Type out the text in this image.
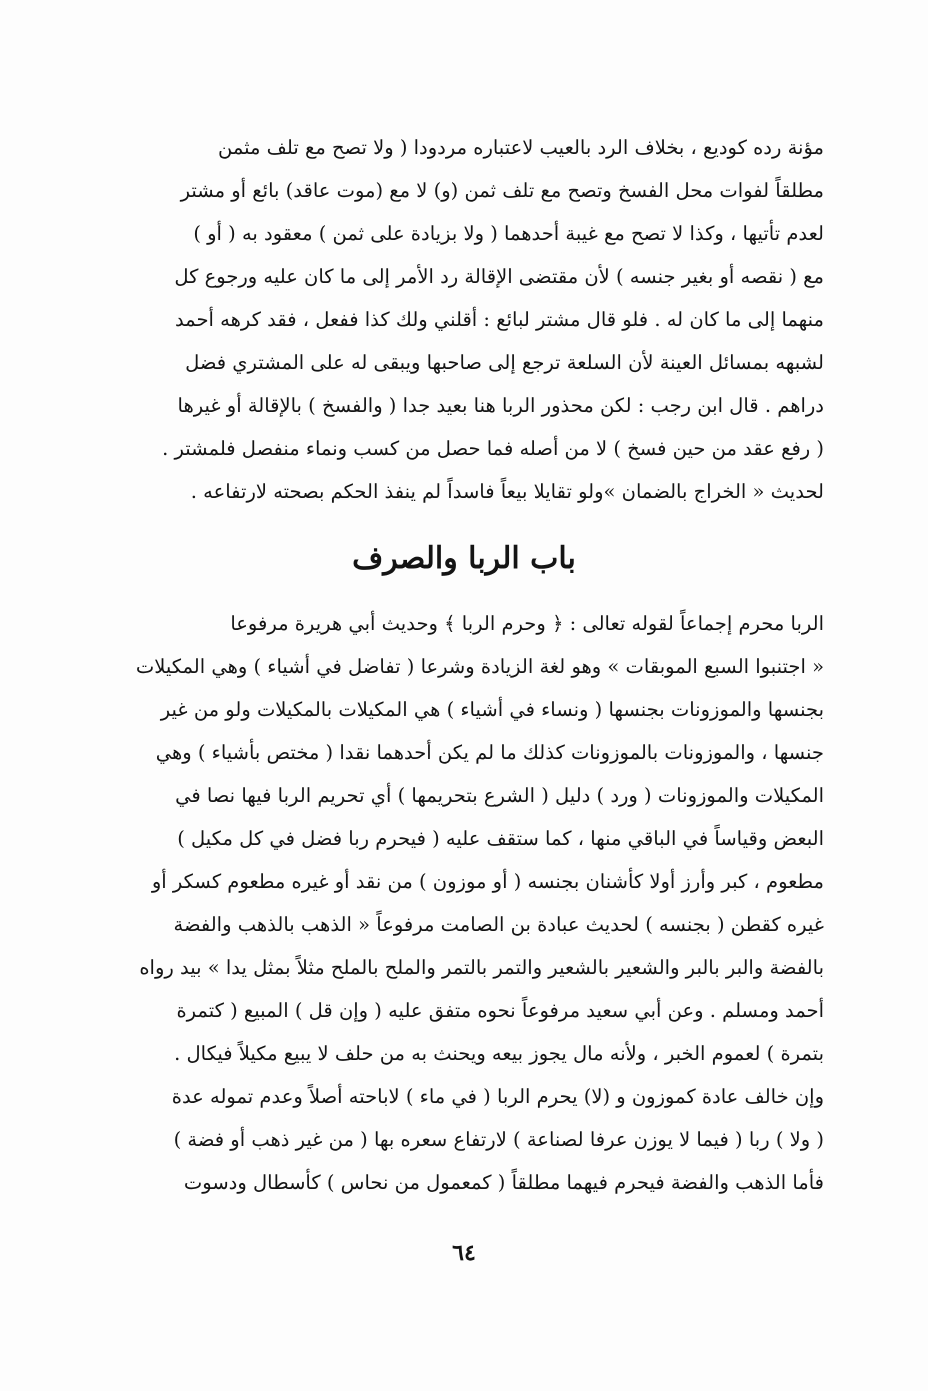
مؤنة رده كوديع ، بخلاف الرد بالعيب لاعتباره مردودا ( ولا تصح مع تلف مثمن
مطلقاً لفوات محل الفسخ وتصح مع تلف ثمن (و) لا مع (موت عاقد) بائع أو مشتر
لعدم تأتيها ، وكذا لا تصح مع غيبة أحدهما ( ولا بزيادة على ثمن ) معقود به ( أو )
مع ( نقصه أو بغير جنسه ) لأن مقتضى الإقالة رد الأمر إلى ما كان عليه ورجوع كل
منهما إلى ما كان له . فلو قال مشتر لبائع : أقلني ولك كذا ففعل ، فقد كرهه أحمد
لشبهه بمسائل العينة لأن السلعة ترجع إلى صاحبها ويبقى له على المشتري فضل
دراهم . قال ابن رجب : لكن محذور الربا هنا بعيد جدا ( والفسخ ) بالإقالة أو غيرها
( رفع عقد من حين فسخ ) لا من أصله فما حصل من كسب ونماء منفصل فلمشتر .
لحديث « الخراج بالضمان »ولو تقايلا بيعاً فاسداً لم ينفذ الحكم بصحته لارتفاعه .
باب الربا والصرف
الربا محرم إجماعاً لقوله تعالى : ﴿ وحرم الربا ﴾ وحديث أبي هريرة مرفوعا
« اجتنبوا السبع الموبقات » وهو لغة الزيادة وشرعا ( تفاضل في أشياء ) وهي المكيلات
بجنسها والموزونات بجنسها ( ونساء في أشياء ) هي المكيلات بالمكيلات ولو من غير
جنسها ، والموزونات بالموزونات كذلك ما لم يكن أحدهما نقدا ( مختص بأشياء ) وهي
المكيلات والموزونات ( ورد ) دليل ( الشرع بتحريمها ) أي تحريم الربا فيها نصا في
البعض وقياساً في الباقي منها ، كما ستقف عليه ( فيحرم ربا فضل في كل مكيل )
مطعوم ، كبر وأرز أولا كأشنان بجنسه ( أو موزون ) من نقد أو غيره مطعوم كسكر أو
غيره كقطن ( بجنسه ) لحديث عبادة بن الصامت مرفوعاً « الذهب بالذهب والفضة
بالفضة والبر بالبر والشعير بالشعير والتمر بالتمر والملح بالملح مثلاً بمثل يدا » بيد رواه
أحمد ومسلم . وعن أبي سعيد مرفوعاً نحوه متفق عليه ( وإن قل ) المبيع ( كتمرة
بتمرة ) لعموم الخبر ، ولأنه مال يجوز بيعه ويحنث به من حلف لا يبيع مكيلاً فيكال .
وإن خالف عادة كموزون و (لا) يحرم الربا ( في ماء ) لاباحته أصلاً وعدم تموله عدة
( ولا ) ربا ( فيما لا يوزن عرفا لصناعة ) لارتفاع سعره بها ( من غير ذهب أو فضة )
فأما الذهب والفضة فيحرم فيهما مطلقاً ( كمعمول من نحاس ) كأسطال ودسوت
٦٤
